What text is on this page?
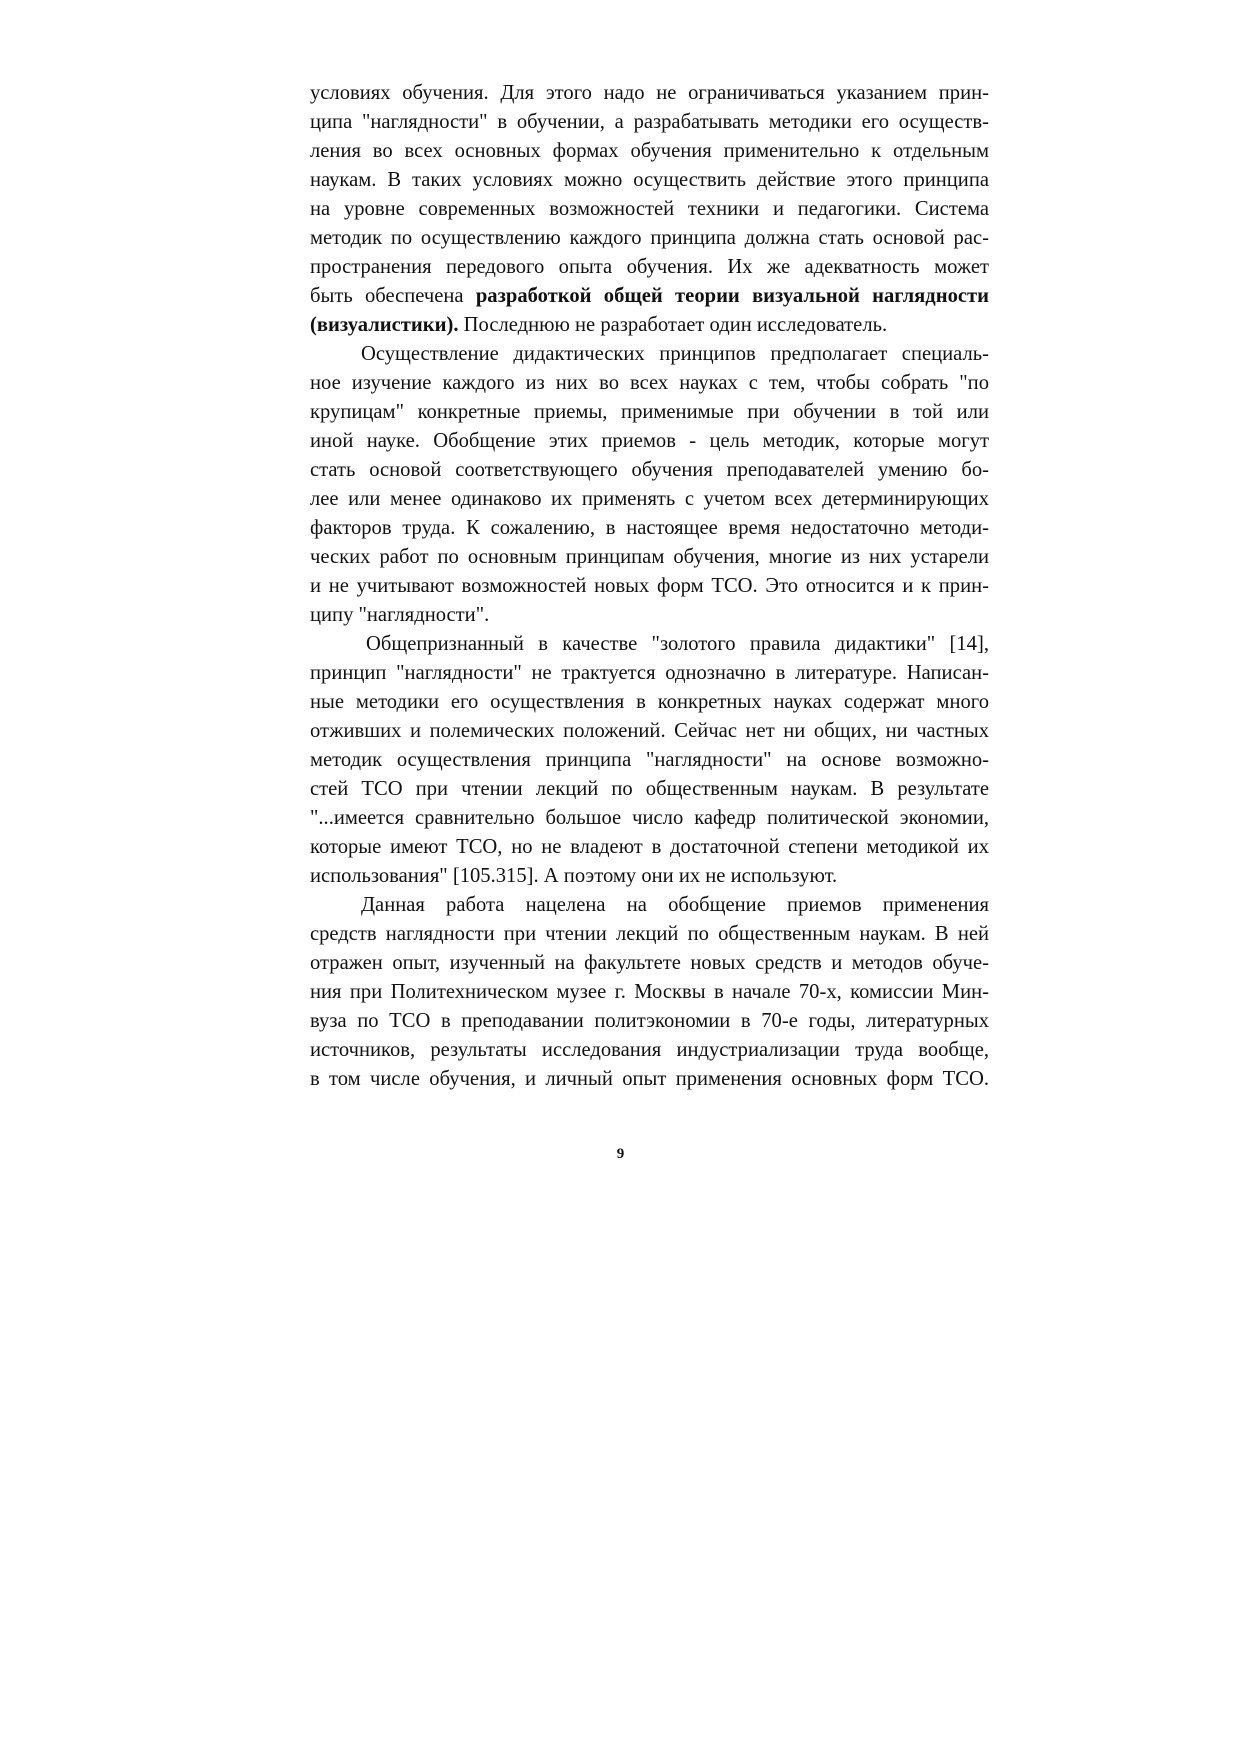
условиях обучения. Для этого надо не ограничиваться указанием прин-
ципа "наглядности" в обучении, а разрабатывать методики его осуществ-
ления во всех основных формах обучения применительно к отдельным
наукам. В таких условиях можно осуществить действие этого принципа
на уровне современных возможностей техники и педагогики. Система
методик по осуществлению каждого принципа должна стать основой рас-
пространения передового опыта обучения. Их же адекватность может
быть обеспечена разработкой общей теории визуальной наглядности
(визуалистики). Последнюю не разработает один исследователь.
Осуществление дидактических принципов предполагает специаль-
ное изучение каждого из них во всех науках с тем, чтобы собрать "по
крупицам" конкретные приемы, применимые при обучении в той или
иной науке. Обобщение этих приемов - цель методик, которые могут
стать основой соответствующего обучения преподавателей умению бо-
лее или менее одинаково их применять с учетом всех детерминирующих
факторов труда. К сожалению, в настоящее время недостаточно методи-
ческих работ по основным принципам обучения, многие из них устарели
и не учитывают возможностей новых форм ТСО. Это относится и к прин-
ципу "наглядности".
Общепризнанный в качестве "золотого правила дидактики" [14],
принцип "наглядности" не трактуется однозначно в литературе. Написан-
ные методики его осуществления в конкретных науках содержат много
отживших и полемических положений. Сейчас нет ни общих, ни частных
методик осуществления принципа "наглядности" на основе возможно-
стей ТСО при чтении лекций по общественным наукам. В результате
"...имеется сравнительно большое число кафедр политической экономии,
которые имеют ТСО, но не владеют в достаточной степени методикой их
использования" [105.315]. А поэтому они их не используют.
Данная работа нацелена на обобщение приемов применения
средств наглядности при чтении лекций по общественным наукам. В ней
отражен опыт, изученный на факультете новых средств и методов обуче-
ния при Политехническом музее г. Москвы в начале 70-х, комиссии Мин-
вуза по ТСО в преподавании политэкономии в 70-е годы, литературных
источников, результаты исследования индустриализации труда вообще,
в том числе обучения, и личный опыт применения основных форм ТСО.
9
